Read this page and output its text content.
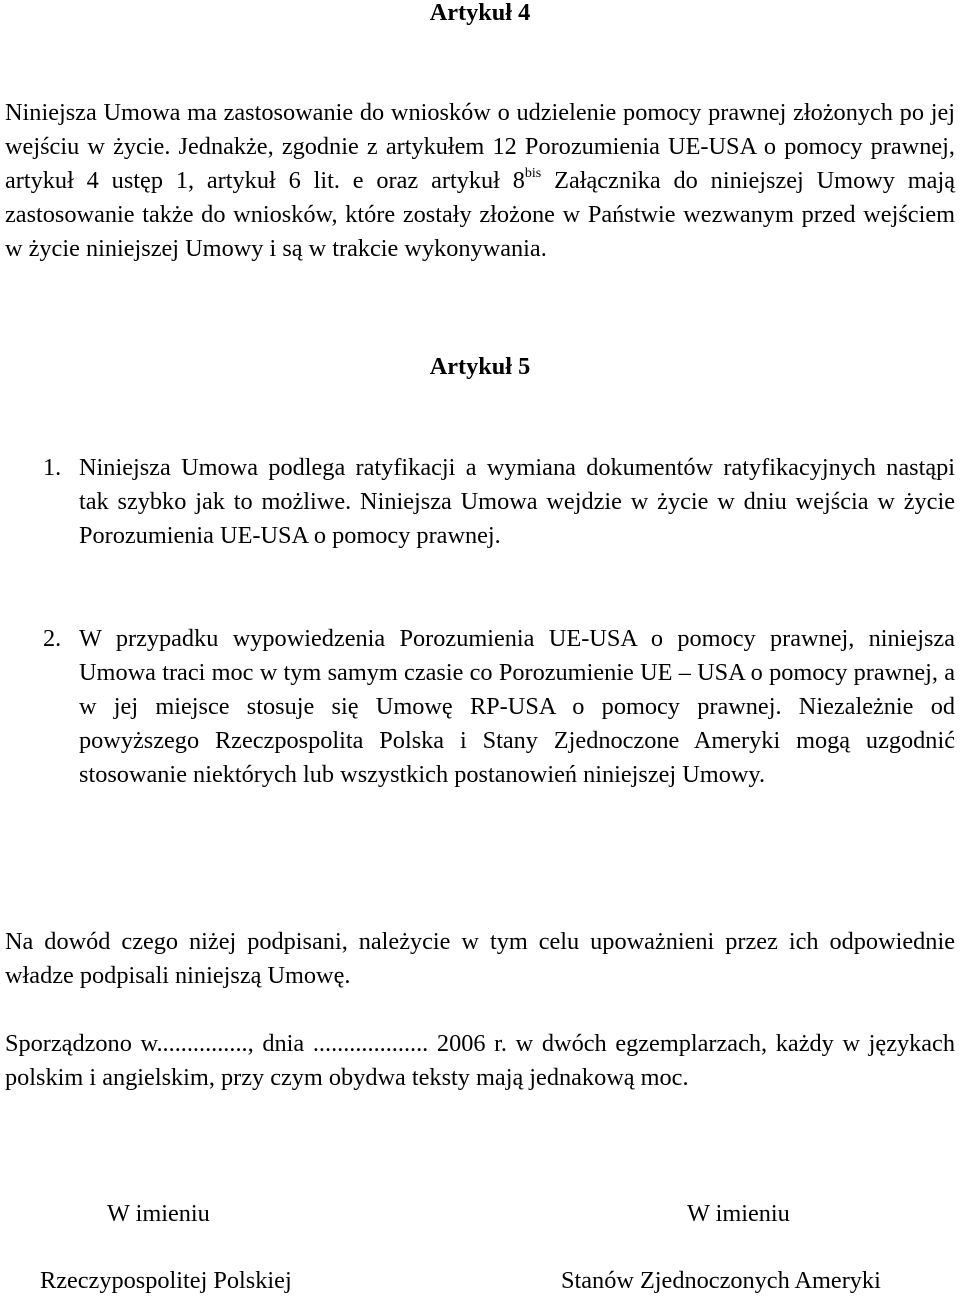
Artykuł 4

Niniejsza Umowa ma zastosowanie do wniosków o udzielenie pomocy prawnej złożonych po jej wejściu w życie. Jednakże, zgodnie z artykułem 12 Porozumienia UE-USA o pomocy prawnej, artykuł 4 ustęp 1, artykuł 6 lit. e oraz artykuł $8^{bis}$ Załącznika do niniejszej Umowy mają zastosowanie także do wniosków, które zostały złożone w Państwie wezwanym przed wejściem w życie niniejszej Umowy i są w trakcie wykonywania.

Artykuł 5
1. Niniejsza Umowa podlega ratyfikacji a wymiana dokumentów ratyfikacyjnych nastąpi tak szybko jak to możliwe. Niniejsza Umowa wejdzie w życie w dniu wejścia w życie Porozumienia UE-USA o pomocy prawnej.

2. W przypadku wypowiedzenia Porozumienia UE-USA o pomocy prawnej, niniejsza Umowa traci moc w tym samym czasie co Porozumienie UE – USA o pomocy prawnej, a w jej miejsce stosuje się Umowę RP-USA o pomocy prawnej. Niezależnie od powyższego Rzeczpospolita Polska i Stany Zjednoczone Ameryki mogą uzgodnić stosowanie niektórych lub wszystkich postanowień niniejszej Umowy.

Na dowód czego niżej podpisani, należycie w tym celu upoważnieni przez ich odpowiednie władze podpisali niniejszą Umowę.

Sporządzono w..............., dnia ................... 2006 r. w dwóch egzemplarzach, każdy w językach polskim i angielskim, przy czym obydwa teksty mają jednakową moc.

W imieniu	W imieniu
Rzeczypospolitej Polskiej	Stanów Zjednoczonych Ameryki
